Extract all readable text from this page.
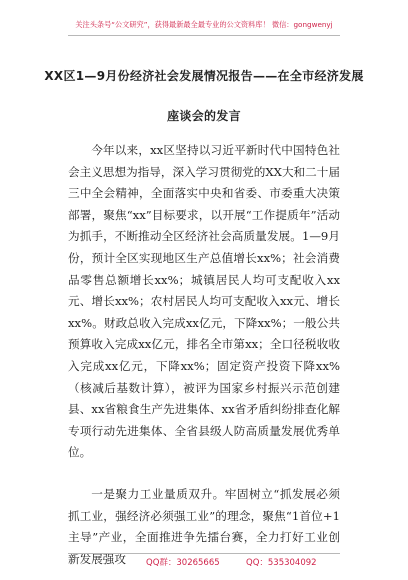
关注头条号“公文研究”，获得最新最全最专业的公文资料库！ 微信：gongwenyj
XX区1—9月份经济社会发展情况报告——在全市经济发展
座谈会的发言

今年以来，xx区坚持以习近平新时代中国特色社会主义思想为指导，深入学习贯彻党的XX大和二十届三中全会精神，全面落实中央和省委、市委重大决策部署，聚焦“xx”目标要求，以开展“工作提质年”活动为抓手，不断推动全区经济社会高质量发展。1—9月份，预计全区实现地区生产总值增长xx%；社会消费品零售总额增长xx%；城镇居民人均可支配收入xx元、增长xx%；农村居民人均可支配收入xx元、增长xx%。财政总收入完成xx亿元，下降xx%；一般公共预算收入完成xx亿元，排名全市第xx；全口径税收收入完成xx亿元，下降xx%；固定资产投资下降xx%（核减后基数计算），被评为国家乡村振兴示范创建县、xx省粮食生产先进集体、xx省矛盾纠纷排查化解专项行动先进集体、全省县级人防高质量发展优秀单位。

一是聚力工业量质双升。牢固树立“抓发展必须抓工业，强经济必须强工业”的理念，聚焦“1首位+1主导”产业，全面推进争先擂台赛，全力打好工业创新发展强攻	QQ群：30265665	QQ：535304092
